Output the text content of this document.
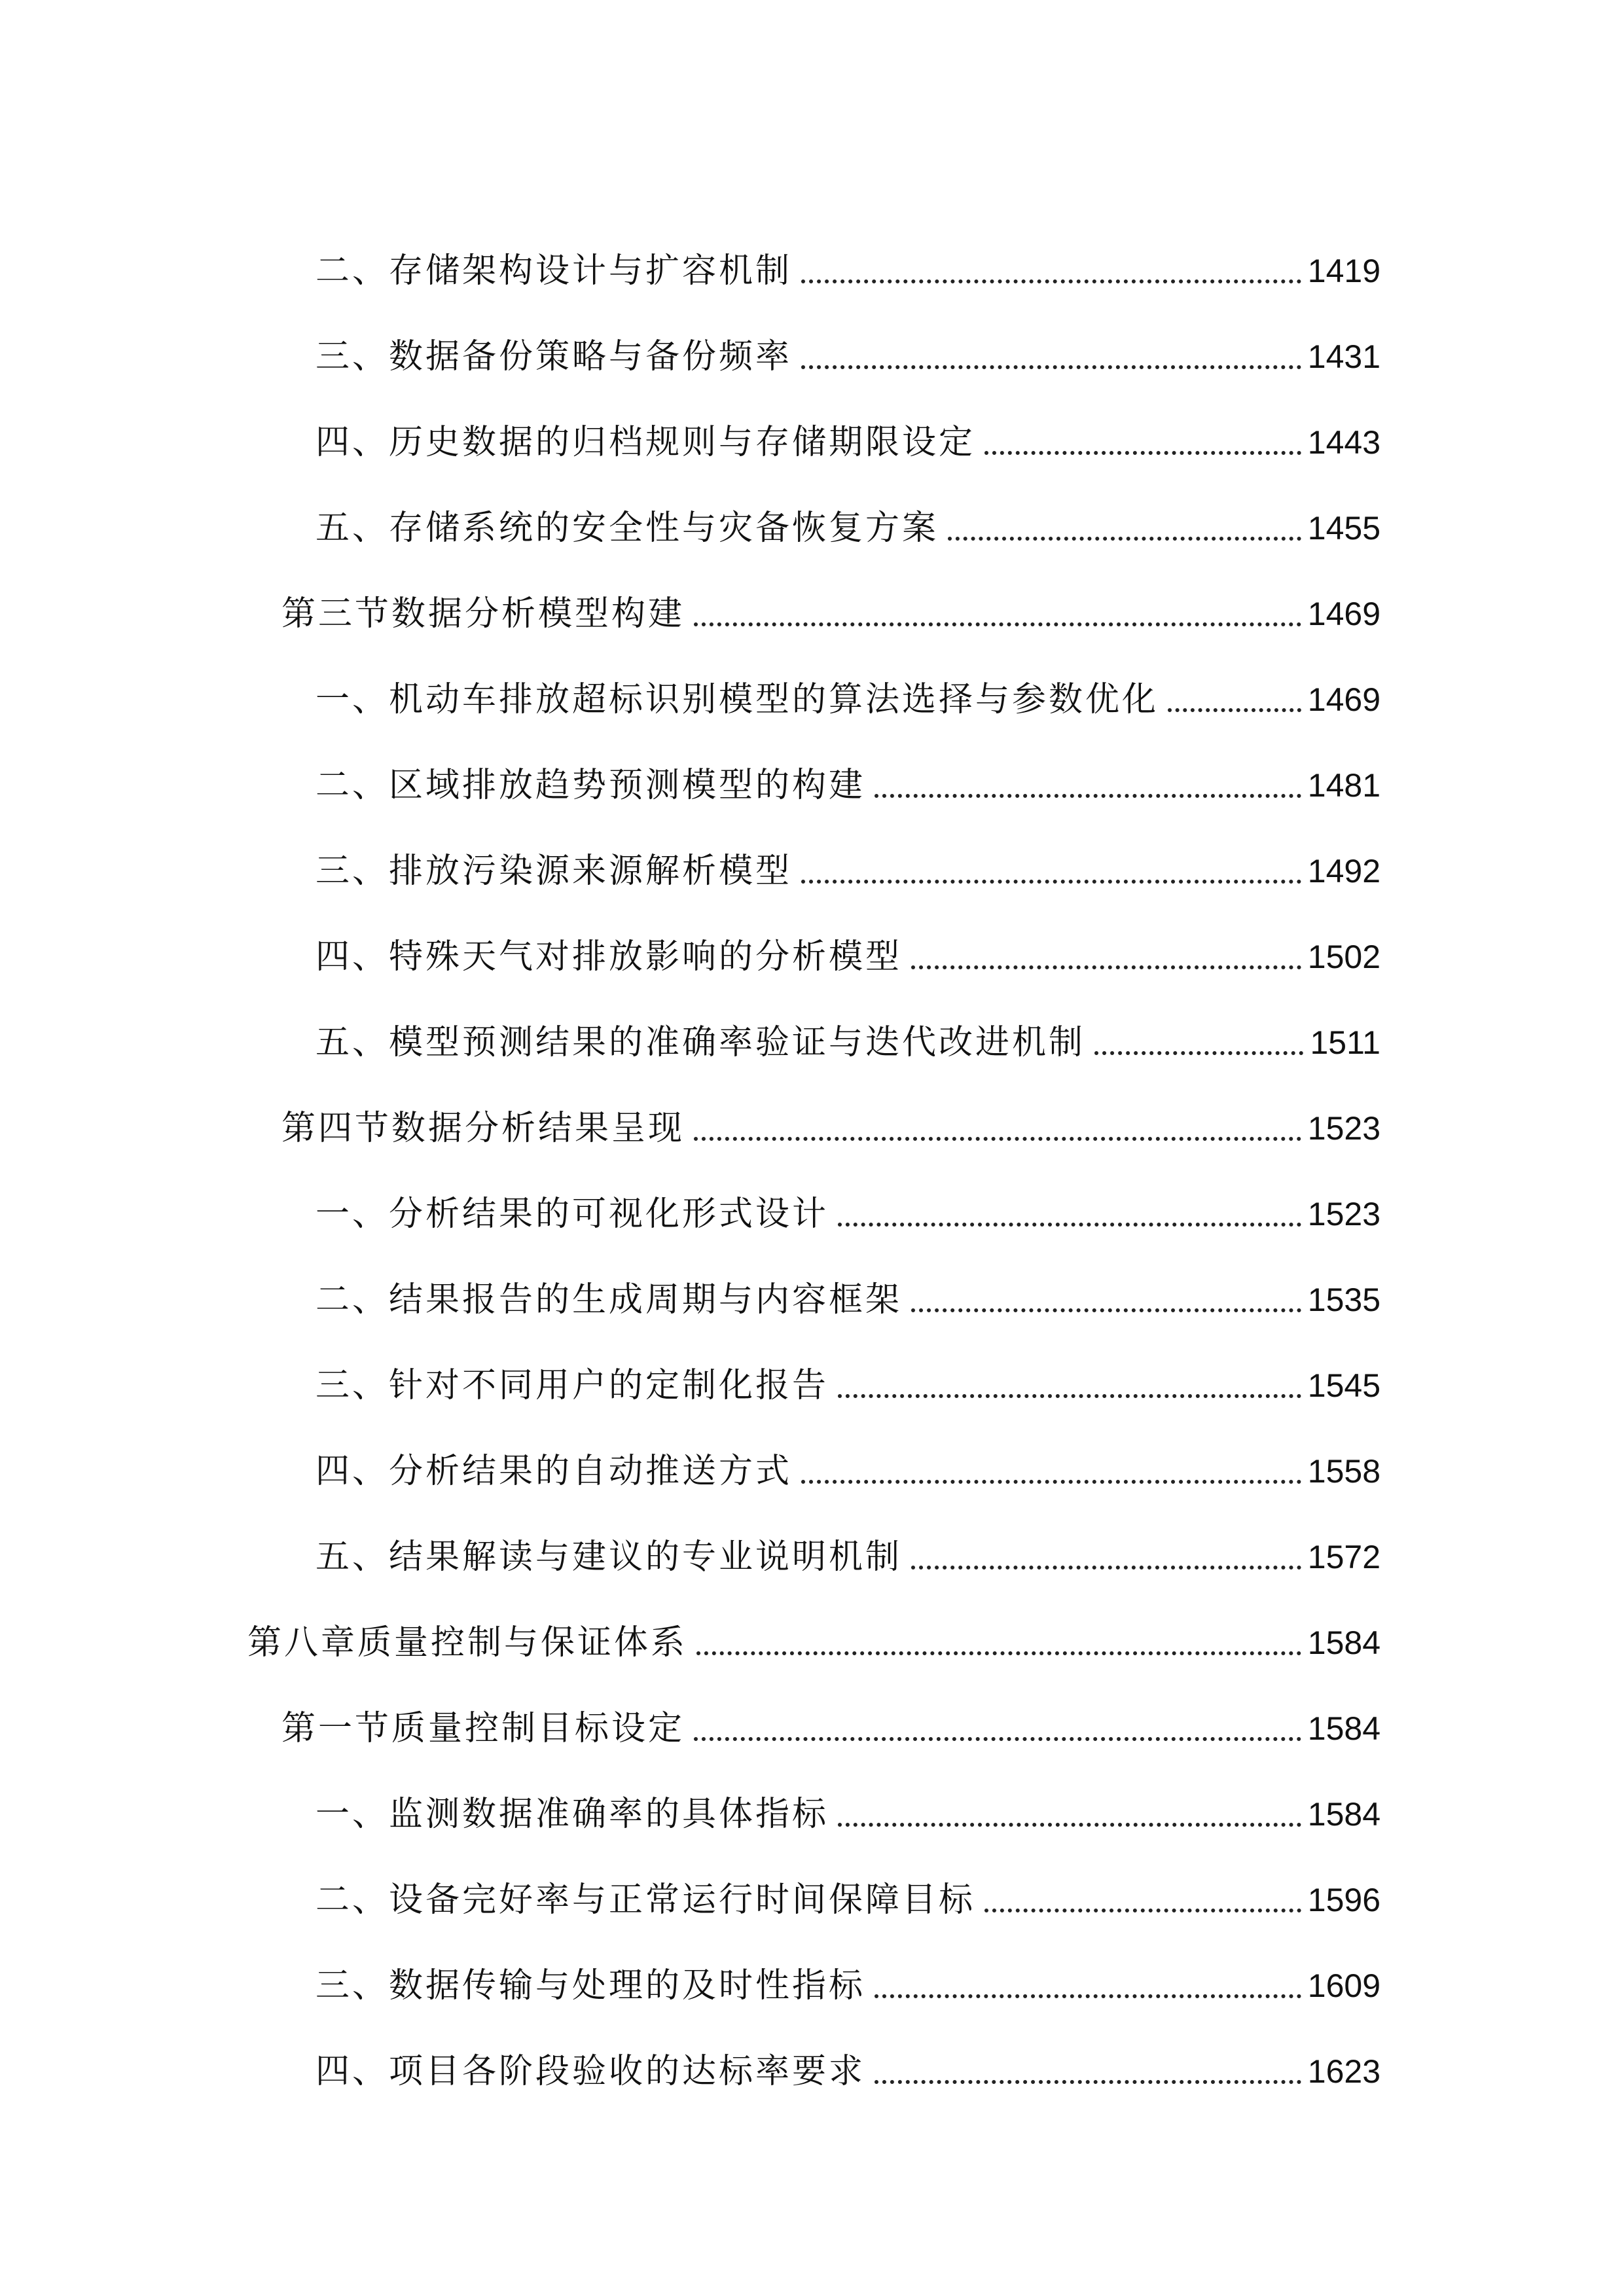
二、存储架构设计与扩容机制	1419
三、数据备份策略与备份频率	1431
四、历史数据的归档规则与存储期限设定	1443
五、存储系统的安全性与灾备恢复方案	1455
第三节数据分析模型构建	1469
一、机动车排放超标识别模型的算法选择与参数优化	1469
二、区域排放趋势预测模型的构建	1481
三、排放污染源来源解析模型	1492
四、特殊天气对排放影响的分析模型	1502
五、模型预测结果的准确率验证与迭代改进机制	1511
第四节数据分析结果呈现	1523
一、分析结果的可视化形式设计	1523
二、结果报告的生成周期与内容框架	1535
三、针对不同用户的定制化报告	1545
四、分析结果的自动推送方式	1558
五、结果解读与建议的专业说明机制	1572
第八章质量控制与保证体系	1584
第一节质量控制目标设定	1584
一、监测数据准确率的具体指标	1584
二、设备完好率与正常运行时间保障目标	1596
三、数据传输与处理的及时性指标	1609
四、项目各阶段验收的达标率要求	1623
